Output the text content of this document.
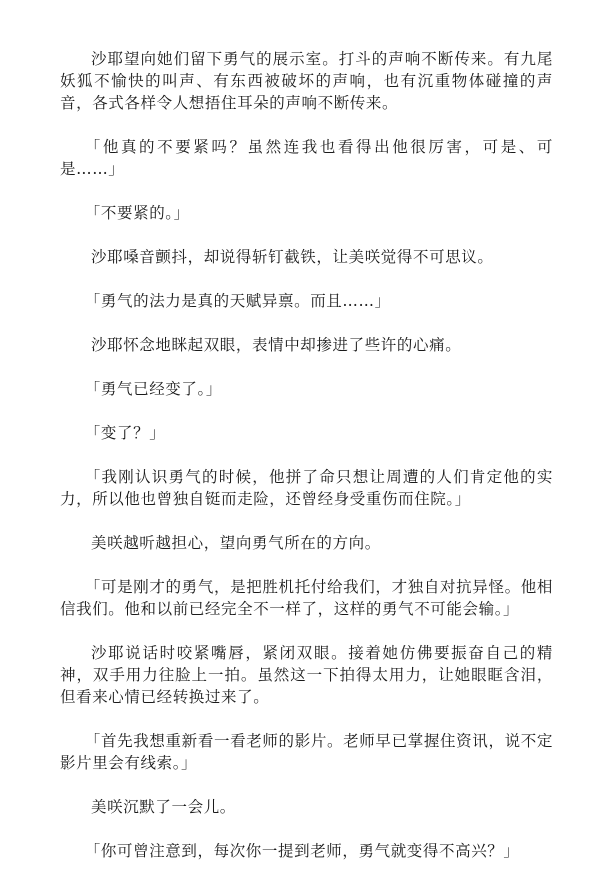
沙耶望向她们留下勇气的展示室。打斗的声响不断传来。有九尾妖狐不愉快的叫声、有东西被破坏的声响，也有沉重物体碰撞的声音，各式各样令人想捂住耳朵的声响不断传来。

「他真的不要紧吗？虽然连我也看得出他很厉害，可是、可是……」

「不要紧的。」

沙耶嗓音颤抖，却说得斩钉截铁，让美咲觉得不可思议。

「勇气的法力是真的天赋异禀。而且……」

沙耶怀念地眯起双眼，表情中却掺进了些许的心痛。

「勇气已经变了。」

「变了？」

「我刚认识勇气的时候，他拼了命只想让周遭的人们肯定他的实力，所以他也曾独自铤而走险，还曾经身受重伤而住院。」

美咲越听越担心，望向勇气所在的方向。

「可是刚才的勇气，是把胜机托付给我们，才独自对抗异怪。他相信我们。他和以前已经完全不一样了，这样的勇气不可能会输。」

沙耶说话时咬紧嘴唇，紧闭双眼。接着她仿佛要振奋自己的精神，双手用力往脸上一拍。虽然这一下拍得太用力，让她眼眶含泪，但看来心情已经转换过来了。

「首先我想重新看一看老师的影片。老师早已掌握住资讯，说不定影片里会有线索。」

美咲沉默了一会儿。

「你可曾注意到，每次你一提到老师，勇气就变得不高兴？」
